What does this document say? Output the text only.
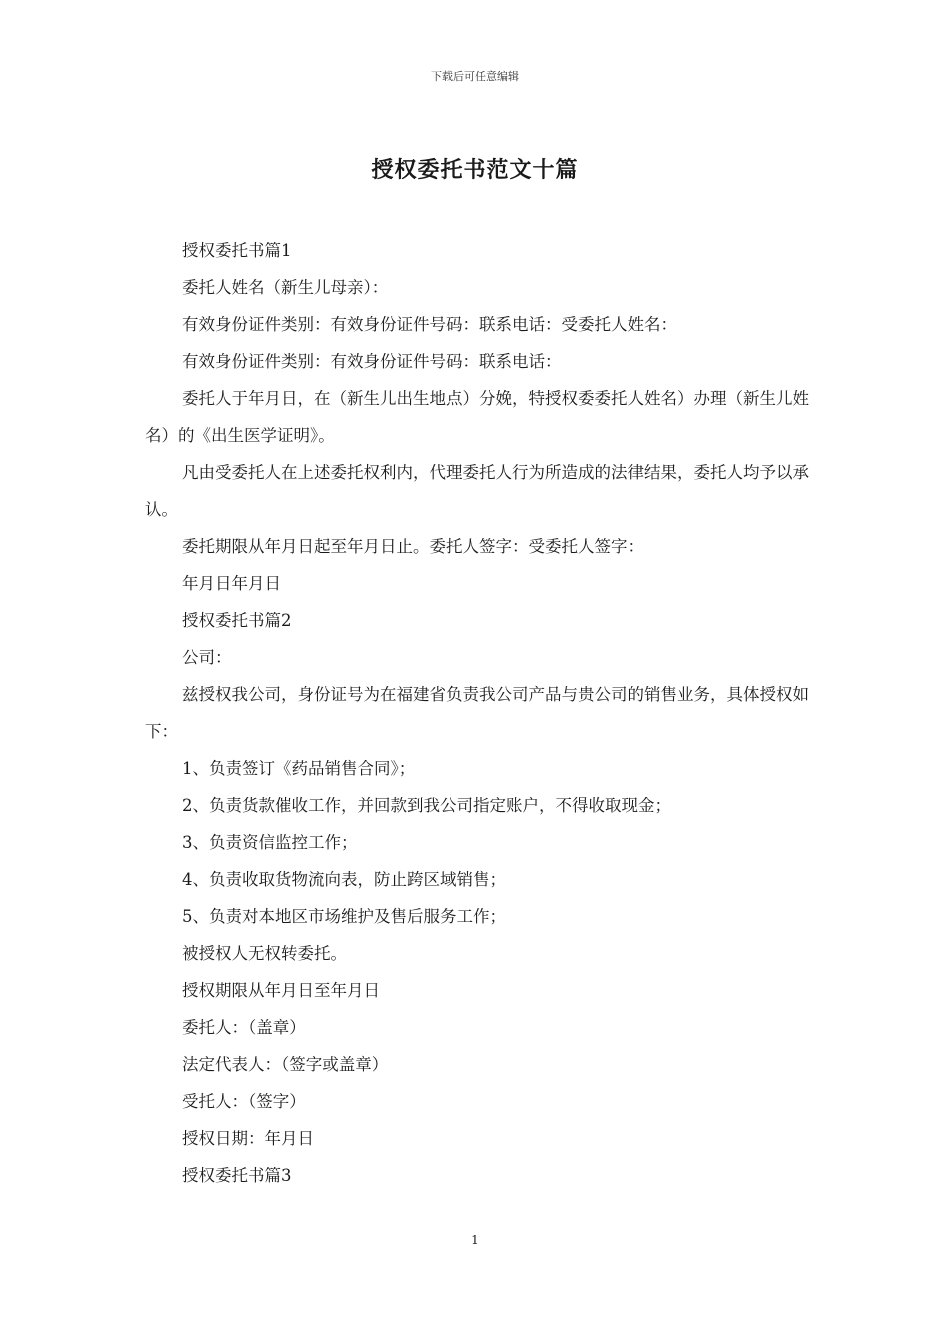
下载后可任意编辑
授权委托书范文十篇

授权委托书篇1

委托人姓名（新生儿母亲）：

有效身份证件类别：有效身份证件号码：联系电话：受委托人姓名：

有效身份证件类别：有效身份证件号码：联系电话：

委托人于年月日，在（新生儿出生地点）分娩，特授权委委托人姓名）办理（新生儿姓名）的《出生医学证明》。

凡由受委托人在上述委托权利内，代理委托人行为所造成的法律结果，委托人均予以承认。

委托期限从年月日起至年月日止。委托人签字：受委托人签字：

年月日年月日

授权委托书篇2

公司：

兹授权我公司，身份证号为在福建省负责我公司产品与贵公司的销售业务，具体授权如下：

1、负责签订《药品销售合同》；

2、负责货款催收工作，并回款到我公司指定账户，不得收取现金；

3、负责资信监控工作；

4、负责收取货物流向表，防止跨区域销售；

5、负责对本地区市场维护及售后服务工作；

被授权人无权转委托。

授权期限从年月日至年月日

委托人：（盖章）

法定代表人：（签字或盖章）

受托人：（签字）

授权日期：年月日

授权委托书篇3

1
